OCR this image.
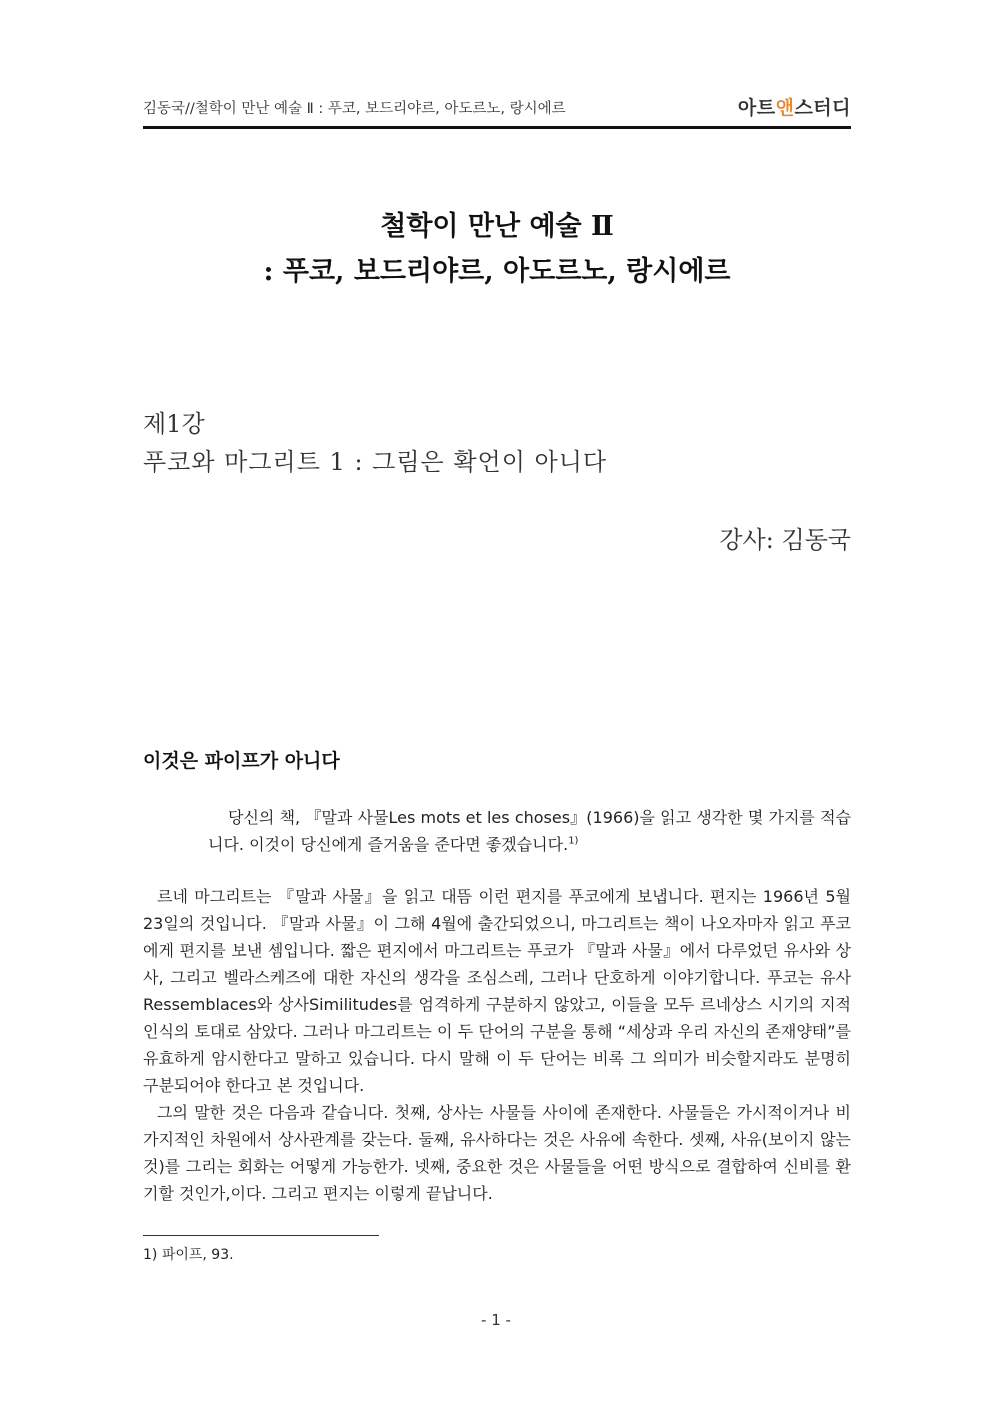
김동국//철학이 만난 예술 Ⅱ : 푸코, 보드리야르, 아도르노, 랑시에르	아트앤스터디
철학이 만난 예술 Ⅱ
: 푸코, 보드리야르, 아도르노, 랑시에르
제1강
푸코와 마그리트 1 : 그림은 확언이 아니다
강사: 김동국
이것은 파이프가 아니다

당신의 책, 『말과 사물Les mots et les choses』(1966)을 읽고 생각한 몇 가지를 적습니다. 이것이 당신에게 즐거움을 준다면 좋겠습니다.$^{1)}$

르네 마그리트는 『말과 사물』을 읽고 대뜸 이런 편지를 푸코에게 보냅니다. 편지는 1966년 5월 23일의 것입니다. 『말과 사물』이 그해 4월에 출간되었으니, 마그리트는 책이 나오자마자 읽고 푸코에게 편지를 보낸 셈입니다. 짧은 편지에서 마그리트는 푸코가 『말과 사물』에서 다루었던 유사와 상사, 그리고 벨라스케즈에 대한 자신의 생각을 조심스레, 그러나 단호하게 이야기합니다. 푸코는 유사Ressemblaces와 상사Similitudes를 엄격하게 구분하지 않았고, 이들을 모두 르네상스 시기의 지적 인식의 토대로 삼았다. 그러나 마그리트는 이 두 단어의 구분을 통해 “세상과 우리 자신의 존재양태”를 유효하게 암시한다고 말하고 있습니다. 다시 말해 이 두 단어는 비록 그 의미가 비슷할지라도 분명히 구분되어야 한다고 본 것입니다.

그의 말한 것은 다음과 같습니다. 첫째, 상사는 사물들 사이에 존재한다. 사물들은 가시적이거나 비가지적인 차원에서 상사관계를 갖는다. 둘째, 유사하다는 것은 사유에 속한다. 셋째, 사유(보이지 않는 것)를 그리는 회화는 어떻게 가능한가. 넷째, 중요한 것은 사물들을 어떤 방식으로 결합하여 신비를 환기할 것인가,이다. 그리고 편지는 이렇게 끝납니다.

1) 파이프, 93.
- 1 -
